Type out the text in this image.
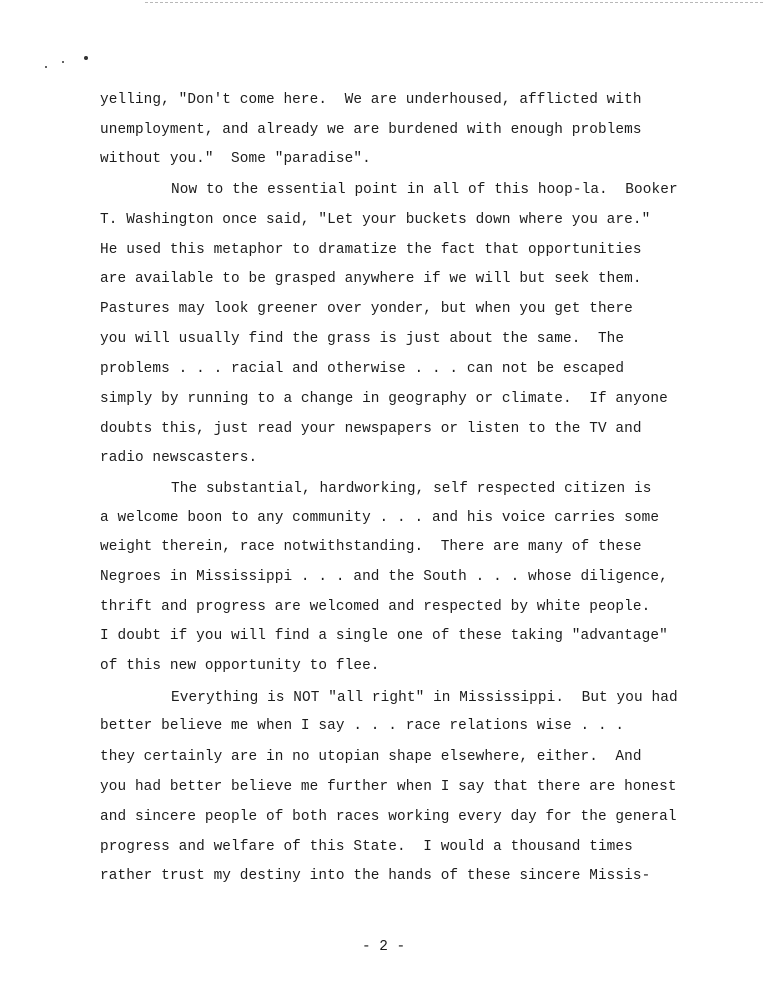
yelling, "Don't come here.  We are underhoused, afflicted with

unemployment, and already we are burdened with enough problems

without you."  Some "paradise".

Now to the essential point in all of this hoop-la.  Booker

T. Washington once said, "Let your buckets down where you are."

He used this metaphor to dramatize the fact that opportunities

are available to be grasped anywhere if we will but seek them.

Pastures may look greener over yonder, but when you get there

you will usually find the grass is just about the same.  The

problems . . . racial and otherwise . . . can not be escaped

simply by running to a change in geography or climate.  If anyone

doubts this, just read your newspapers or listen to the TV and

radio newscasters.

The substantial, hardworking, self respected citizen is

a welcome boon to any community . . . and his voice carries some

weight therein, race notwithstanding.  There are many of these

Negroes in Mississippi . . . and the South . . . whose diligence,

thrift and progress are welcomed and respected by white people.

I doubt if you will find a single one of these taking "advantage"

of this new opportunity to flee.

Everything is NOT "all right" in Mississippi.  But you had

better believe me when I say . . . race relations wise . . .

they certainly are in no utopian shape elsewhere, either.  And

you had better believe me further when I say that there are honest

and sincere people of both races working every day for the general

progress and welfare of this State.  I would a thousand times

rather trust my destiny into the hands of these sincere Missis-

- 2 -
